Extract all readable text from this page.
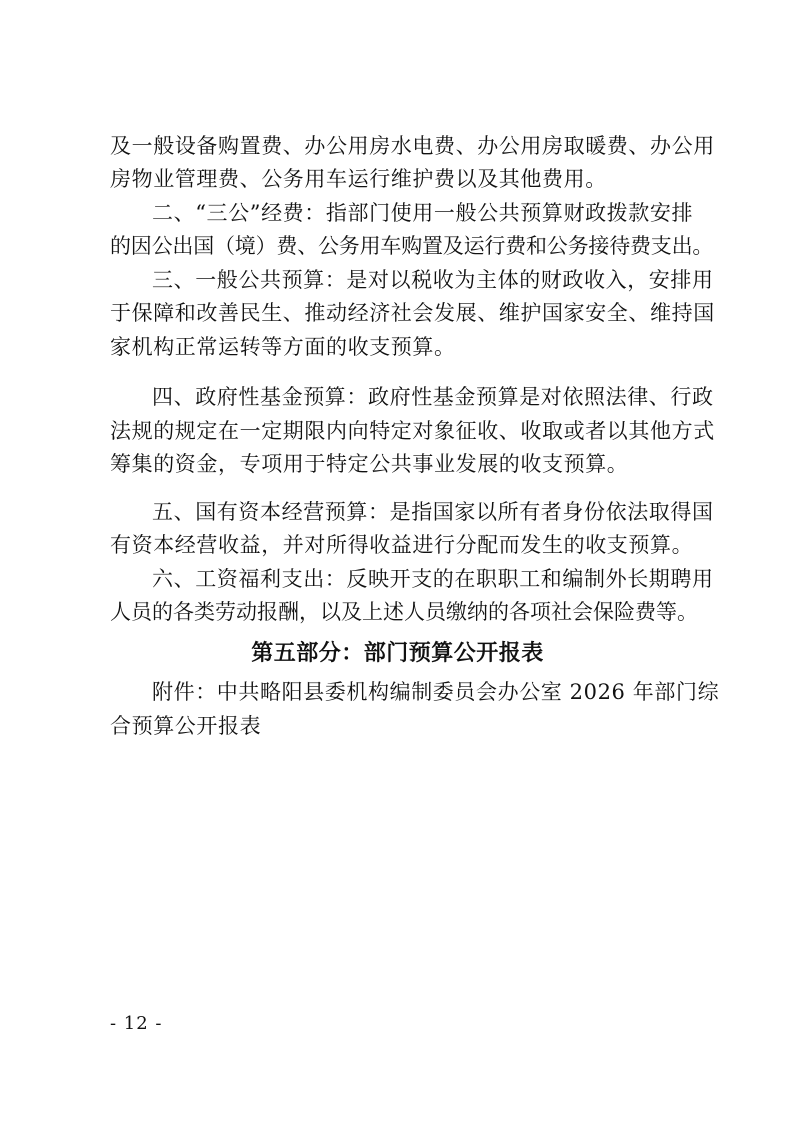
及一般设备购置费、办公用房水电费、办公用房取暖费、办公用
房物业管理费、公务用车运行维护费以及其他费用。
二、“三公”经费：指部门使用一般公共预算财政拨款安排
的因公出国（境）费、公务用车购置及运行费和公务接待费支出。
三、一般公共预算：是对以税收为主体的财政收入，安排用
于保障和改善民生、推动经济社会发展、维护国家安全、维持国
家机构正常运转等方面的收支预算。
四、政府性基金预算：政府性基金预算是对依照法律、行政
法规的规定在一定期限内向特定对象征收、收取或者以其他方式
筹集的资金，专项用于特定公共事业发展的收支预算。
五、国有资本经营预算：是指国家以所有者身份依法取得国
有资本经营收益，并对所得收益进行分配而发生的收支预算。
六、工资福利支出：反映开支的在职职工和编制外长期聘用
人员的各类劳动报酬，以及上述人员缴纳的各项社会保险费等。
第五部分：部门预算公开报表
附件：中共略阳县委机构编制委员会办公室 2026 年部门综
合预算公开报表
- 12 -
